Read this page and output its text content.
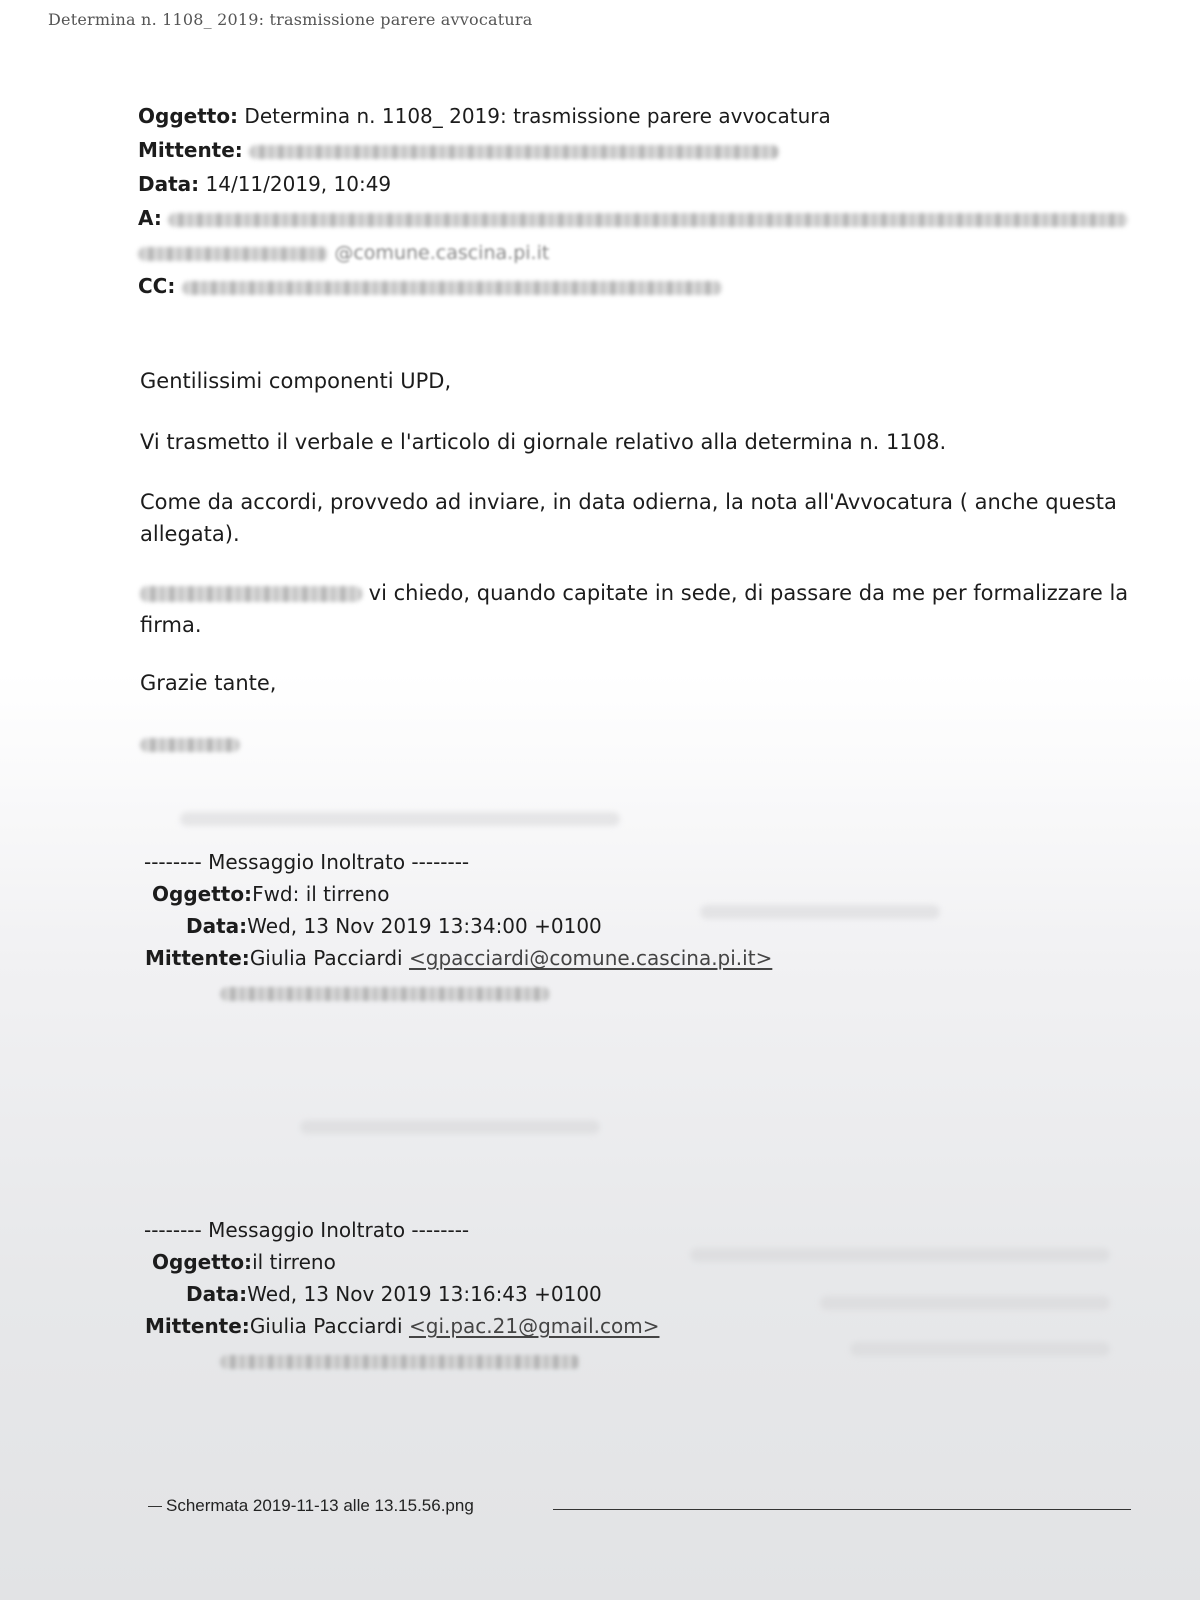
Determina n. 1108_ 2019: trasmissione parere avvocatura
Oggetto: Determina n. 1108_ 2019: trasmissione parere avvocatura
Mittente:
Data: 14/11/2019, 10:49
A:
@comune.cascina.pi.it
CC:
Gentilissimi componenti UPD,
Vi trasmetto il verbale e l'articolo di giornale relativo alla determina n. 1108.
Come da accordi, provvedo ad inviare, in data odierna, la nota all'Avvocatura ( anche questa allegata).
vi chiedo, quando capitate in sede, di passare da me per formalizzare la firma.
Grazie tante,
-------- Messaggio Inoltrato --------
Oggetto:Fwd: il tirreno
Data:Wed, 13 Nov 2019 13:34:00 +0100
Mittente:Giulia Pacciardi <gpacciardi@comune.cascina.pi.it>
-------- Messaggio Inoltrato --------
Oggetto:il tirreno
Data:Wed, 13 Nov 2019 13:16:43 +0100
Mittente:Giulia Pacciardi <gi.pac.21@gmail.com>
Schermata 2019-11-13 alle 13.15.56.png
